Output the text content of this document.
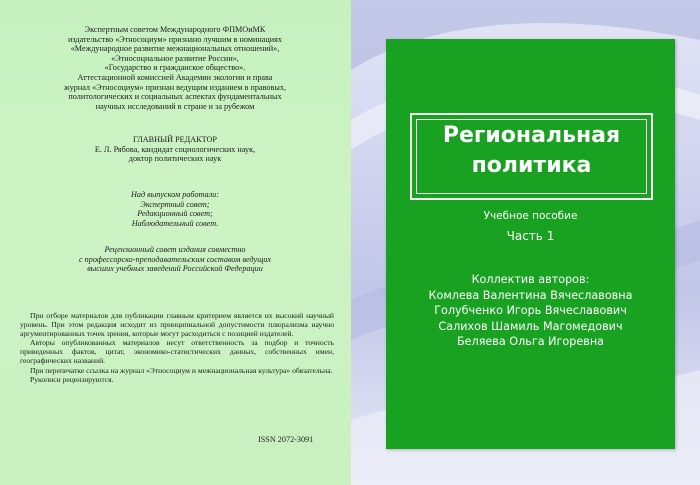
Экспертным советом Международного ФПМОиМК
издательство «Этносоциум» признано лучшим в номинациях
«Международное развитие межнациональных отношений»,
«Этносоциальное развитие России»,
«Государство и гражданское общество».
Аттестационной комиссией Академии экологии и права
журнал «Этносоциум» признан ведущим изданием в правовых,
политологических и социальных аспектах фундаментальных
научных исследований в стране и за рубежом
ГЛАВНЫЙ РЕДАКТОР
Е. Л. Рябова, кандидат социологических наук,
доктор политических наук
Над выпуском работали:
Экспертный совет;
Редакционный совет;
Наблюдательный совет.
Рецензионный совет издания совместно
с профессорско-преподавательским составом ведущих
высших учебных заведений Российской Федерации

При отборе материалов для публикации главным критерием является их высокий научный уровень. При этом редакция исходит из принципиальной допустимости плюрализма научно аргументированных точек зрения, которые могут расходиться с позицией издателей.

Авторы опубликованных материалов несут ответственность за подбор и точность приведенных фактов, цитат, экономико-статистических данных, собственных имен, географических названий.

При перепечатке ссылка на журнал «Этносоциум и межнациональная культура» обязательна.

Рукописи рецензируются.

ISSN 2072-3091
Региональная
политика
Учебное пособие
Часть 1
Коллектив авторов:
Комлева Валентина Вячеславовна
Голубченко Игорь Вячеславович
Салихов Шамиль Магомедович
Беляева Ольга Игоревна
